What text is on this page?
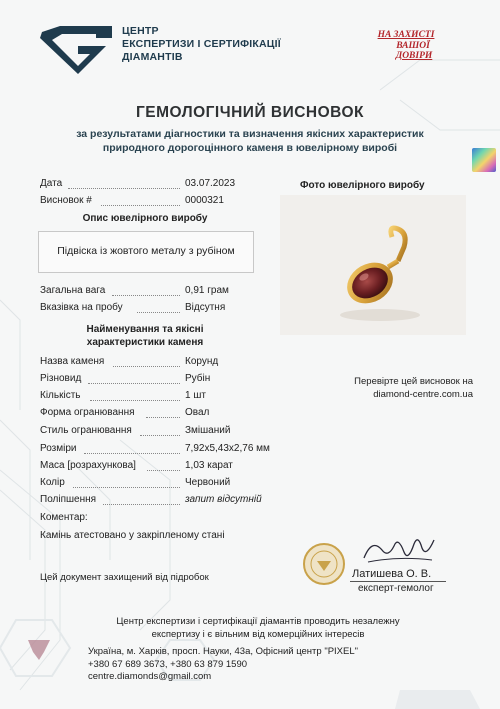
ЦЕНТР
ЕКСПЕРТИЗИ І СЕРТИФІКАЦІЇ
ДІАМАНТІВ
НА ЗАХИСТІ
ВАШОЇ
ДОВІРИ
ГЕМОЛОГІЧНИЙ ВИСНОВОК
за результатами діагностики та визначення якісних характеристик
природного дорогоцінного каменя в ювелірному виробі
Дата	03.07.2023
Висновок #	0000321
Опис ювелірного виробу
Підвіска із жовтого металу з рубіном
Загальна вага	0,91 грам
Вказівка на пробу	Відсутня
Найменування та якісні
характеристики каменя
Назва каменя	Корунд
Різновид	Рубін
Кількість	1 шт
Форма огранювання	Овал
Стиль огранювання	Змішаний
Розміри	7,92х5,43х2,76 мм
Маса [розрахункова]	1,03 карат
Колір	Червоний
Поліпшення	запит відсутній
Коментар:
Камінь атестовано у закріпленому стані
Фото ювелірного виробу
Перевірте цей висновок на
diamond-centre.com.ua
Цей документ захищений від підробок	Латишева О. В.
експерт-гемолог
Центр експертизи і сертифікації діамантів проводить незалежну
експертизу і є вільним від комерційних інтересів
Україна, м. Харків, просп. Науки, 43а, Офісний центр "PIXEL"
+380 67 689 3673, +380 63 879 1590
centre.diamonds@gmail.com
